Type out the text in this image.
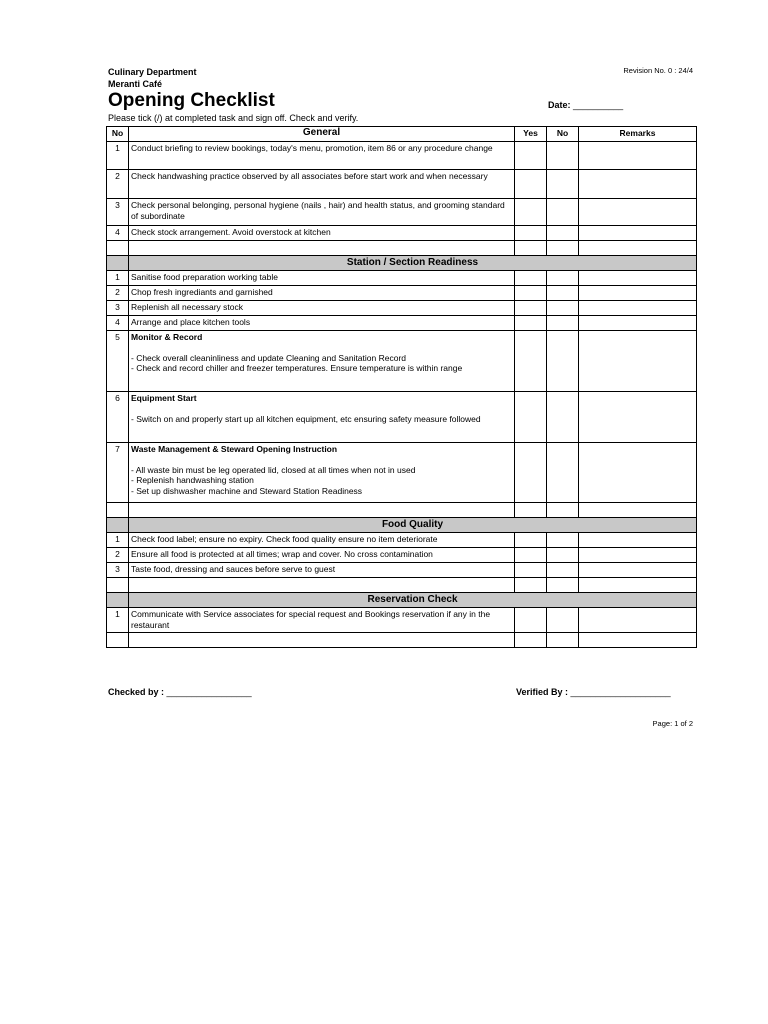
Culinary Department
Meranti Café
Revision No. 0 : 24/4
Opening Checklist	Date: __________
Please tick (/) at completed task and sign off. Check and verify.
No	General	Yes	No	Remarks
1	Conduct briefing to review bookings, today's menu, promotion, item 86 or any procedure change			
2	Check handwashing practice observed by all associates before start work and when necessary			
3	Check personal belonging, personal hygiene (nails , hair) and health status, and grooming standard of subordinate			
4	Check stock arrangement. Avoid overstock at kitchen			

	Station / Section Readiness			
1	Sanitise food preparation working table			
2	Chop fresh ingrediants and garnished			
3	Replenish all necessary stock			
4	Arrange and place kitchen tools			
5	Monitor & Record
- Check overall cleaninliness and update Cleaning and Sanitation Record
- Check and record chiller and freezer temperatures. Ensure temperature is within range			

6	Equipment Start
- Switch on and properly start up all kitchen equipment, etc ensuring safety measure followed			

7	Waste Management & Steward Opening Instruction
- All waste bin must be leg operated lid, closed at all times when not in used
- Replenish handwashing station
- Set up dishwasher machine and Steward Station Readiness			

	Food Quality			
1	Check food label; ensure no expiry. Check food quality ensure no item deteriorate			
2	Ensure all food is protected at all times; wrap and cover. No cross contamination			
3	Taste food, dressing and sauces before serve to guest			

	Reservation Check			
1	Communicate with Service associates for special request and Bookings reservation if any in the restaurant			

Checked by : _________________	Verified By : ____________________
Page: 1 of 2
